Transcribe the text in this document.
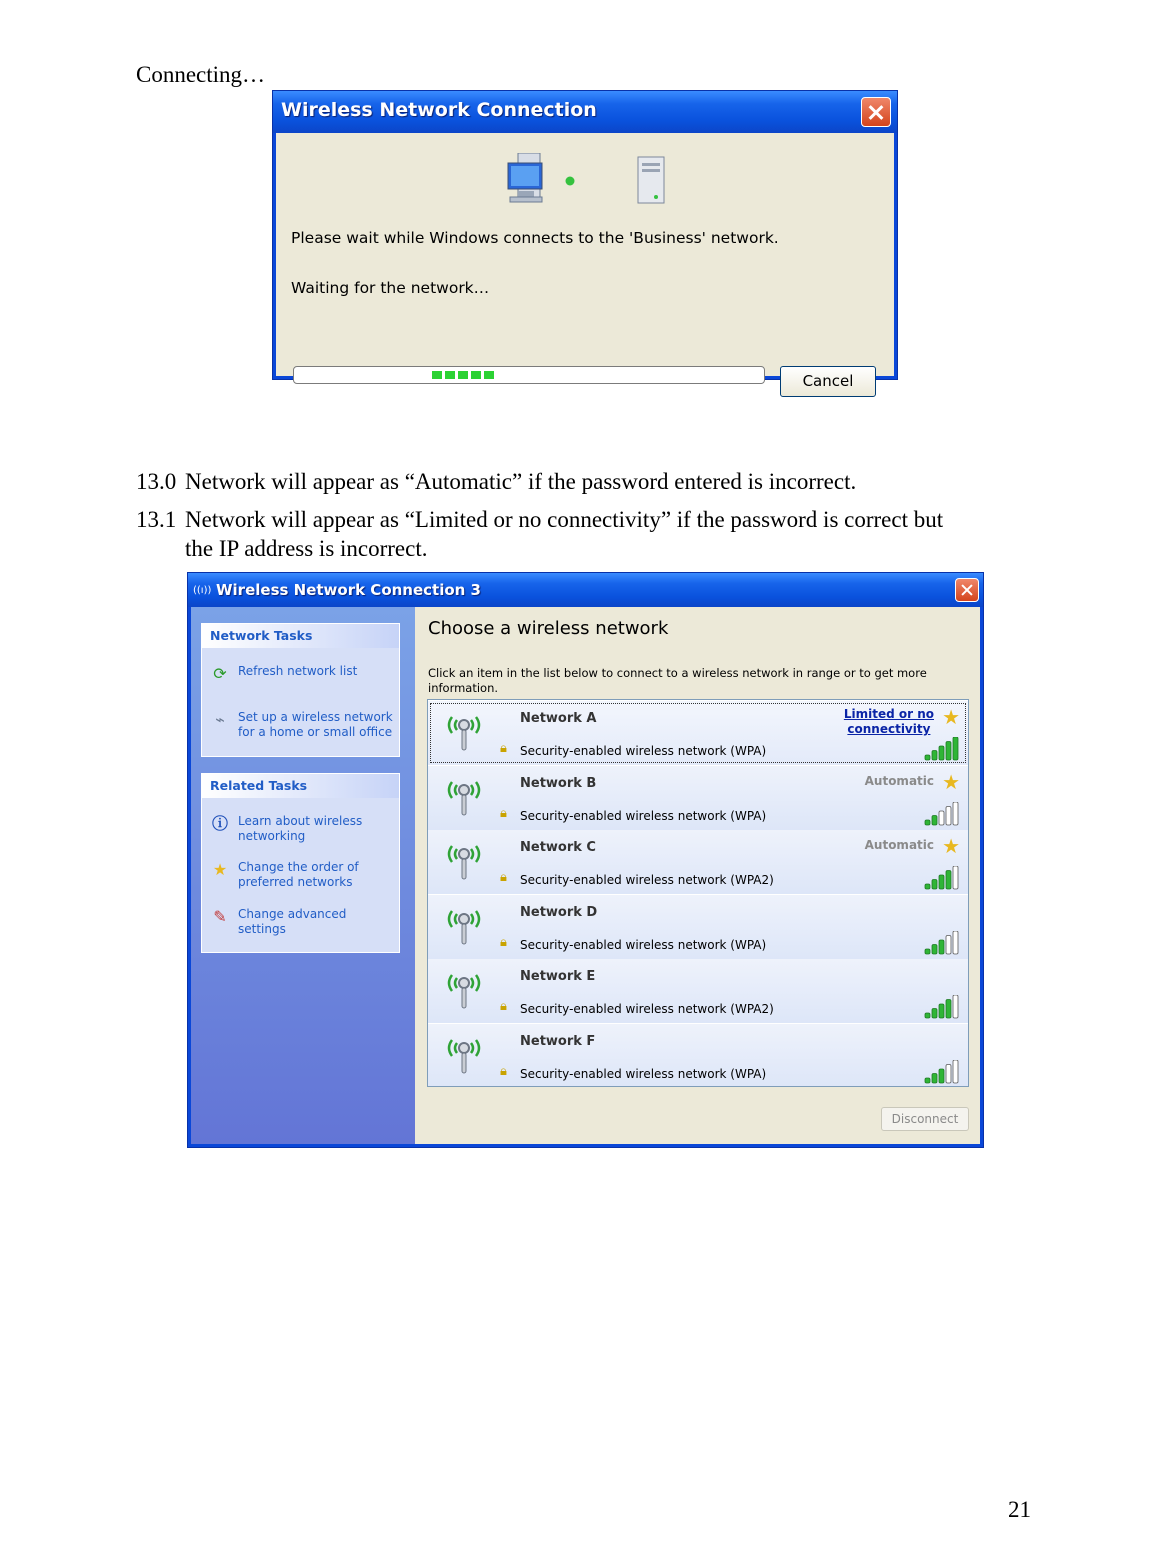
Connecting…
Wireless Network Connection
Please wait while Windows connects to the 'Business' network.
Waiting for the network…
Cancel
13.0 Network will appear as “Automatic” if the password entered is incorrect.
13.1 Network will appear as “Limited or no connectivity” if the password is correct but
the IP address is incorrect.
((ı)) Wireless Network Connection 3
Network Tasks
⟳ Refresh network list
⌁	Set up a wireless network
for a home or small office
Related Tasks
ⓘ Learn about wireless
networking
★ Change the order of
preferred networks
✎ Change advanced
settings
Choose a wireless network
Click an item in the list below to connect to a wireless network in range or to get more
information.
Network A
🔒︎ Security-enabled wireless network (WPA)
Limited or no
connectivity ★
Network B
🔒︎ Security-enabled wireless network (WPA)
Automatic ★
Network C
🔒︎ Security-enabled wireless network (WPA2)
Automatic ★
Network D
🔒︎ Security-enabled wireless network (WPA)
Network E
🔒︎ Security-enabled wireless network (WPA2)
Network F
🔒︎ Security-enabled wireless network (WPA)
Disconnect
21
